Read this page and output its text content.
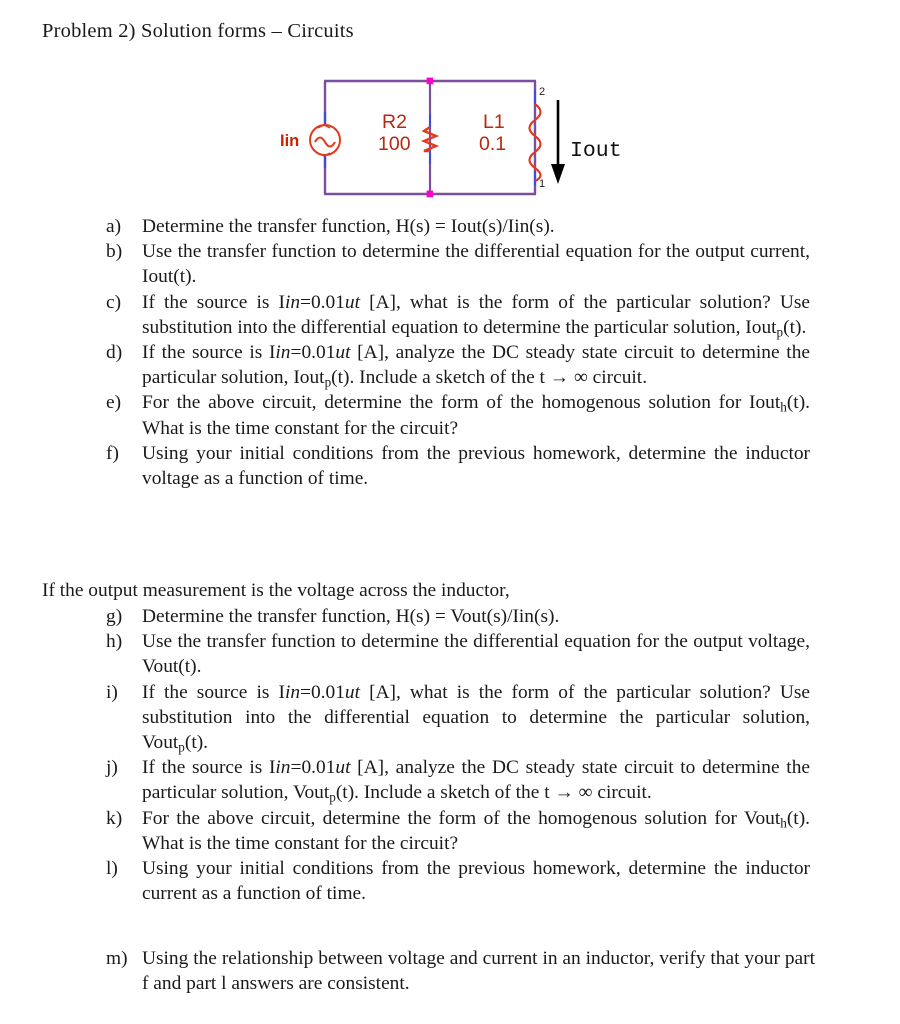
Problem 2) Solution forms – Circuits
Iin
R2
100
L1
0.1
2
1
Iout
a)	Determine the transfer function, H(s) = Iout(s)/Iin(s).
b)	Use the transfer function to determine the differential equation for the output current, Iout(t).
c)	If the source is Iin=0.01ut [A], what is the form of the particular solution? Use substitution into the differential equation to determine the particular solution, Iout$_p$(t).
d)	If the source is Iin=0.01ut [A], analyze the DC steady state circuit to determine the particular solution, Iout$_p$(t). Include a sketch of the t → ∞ circuit.
e)	For the above circuit, determine the form of the homogenous solution for Iout$_h$(t). What is the time constant for the circuit?
f)	Using your initial conditions from the previous homework, determine the inductor voltage as a function of time.
If the output measurement is the voltage across the inductor,
g)	Determine the transfer function, H(s) = Vout(s)/Iin(s).
h)	Use the transfer function to determine the differential equation for the output voltage, Vout(t).
i)	If the source is Iin=0.01ut [A], what is the form of the particular solution? Use substitution into the differential equation to determine the particular solution, Vout$_p$(t).
j)	If the source is Iin=0.01ut [A], analyze the DC steady state circuit to determine the particular solution, Vout$_p$(t). Include a sketch of the t → ∞ circuit.
k)	For the above circuit, determine the form of the homogenous solution for Vout$_h$(t). What is the time constant for the circuit?
l)	Using your initial conditions from the previous homework, determine the inductor current as a function of time.
m) Using the relationship between voltage and current in an inductor, verify that your part f and part l answers are consistent.
